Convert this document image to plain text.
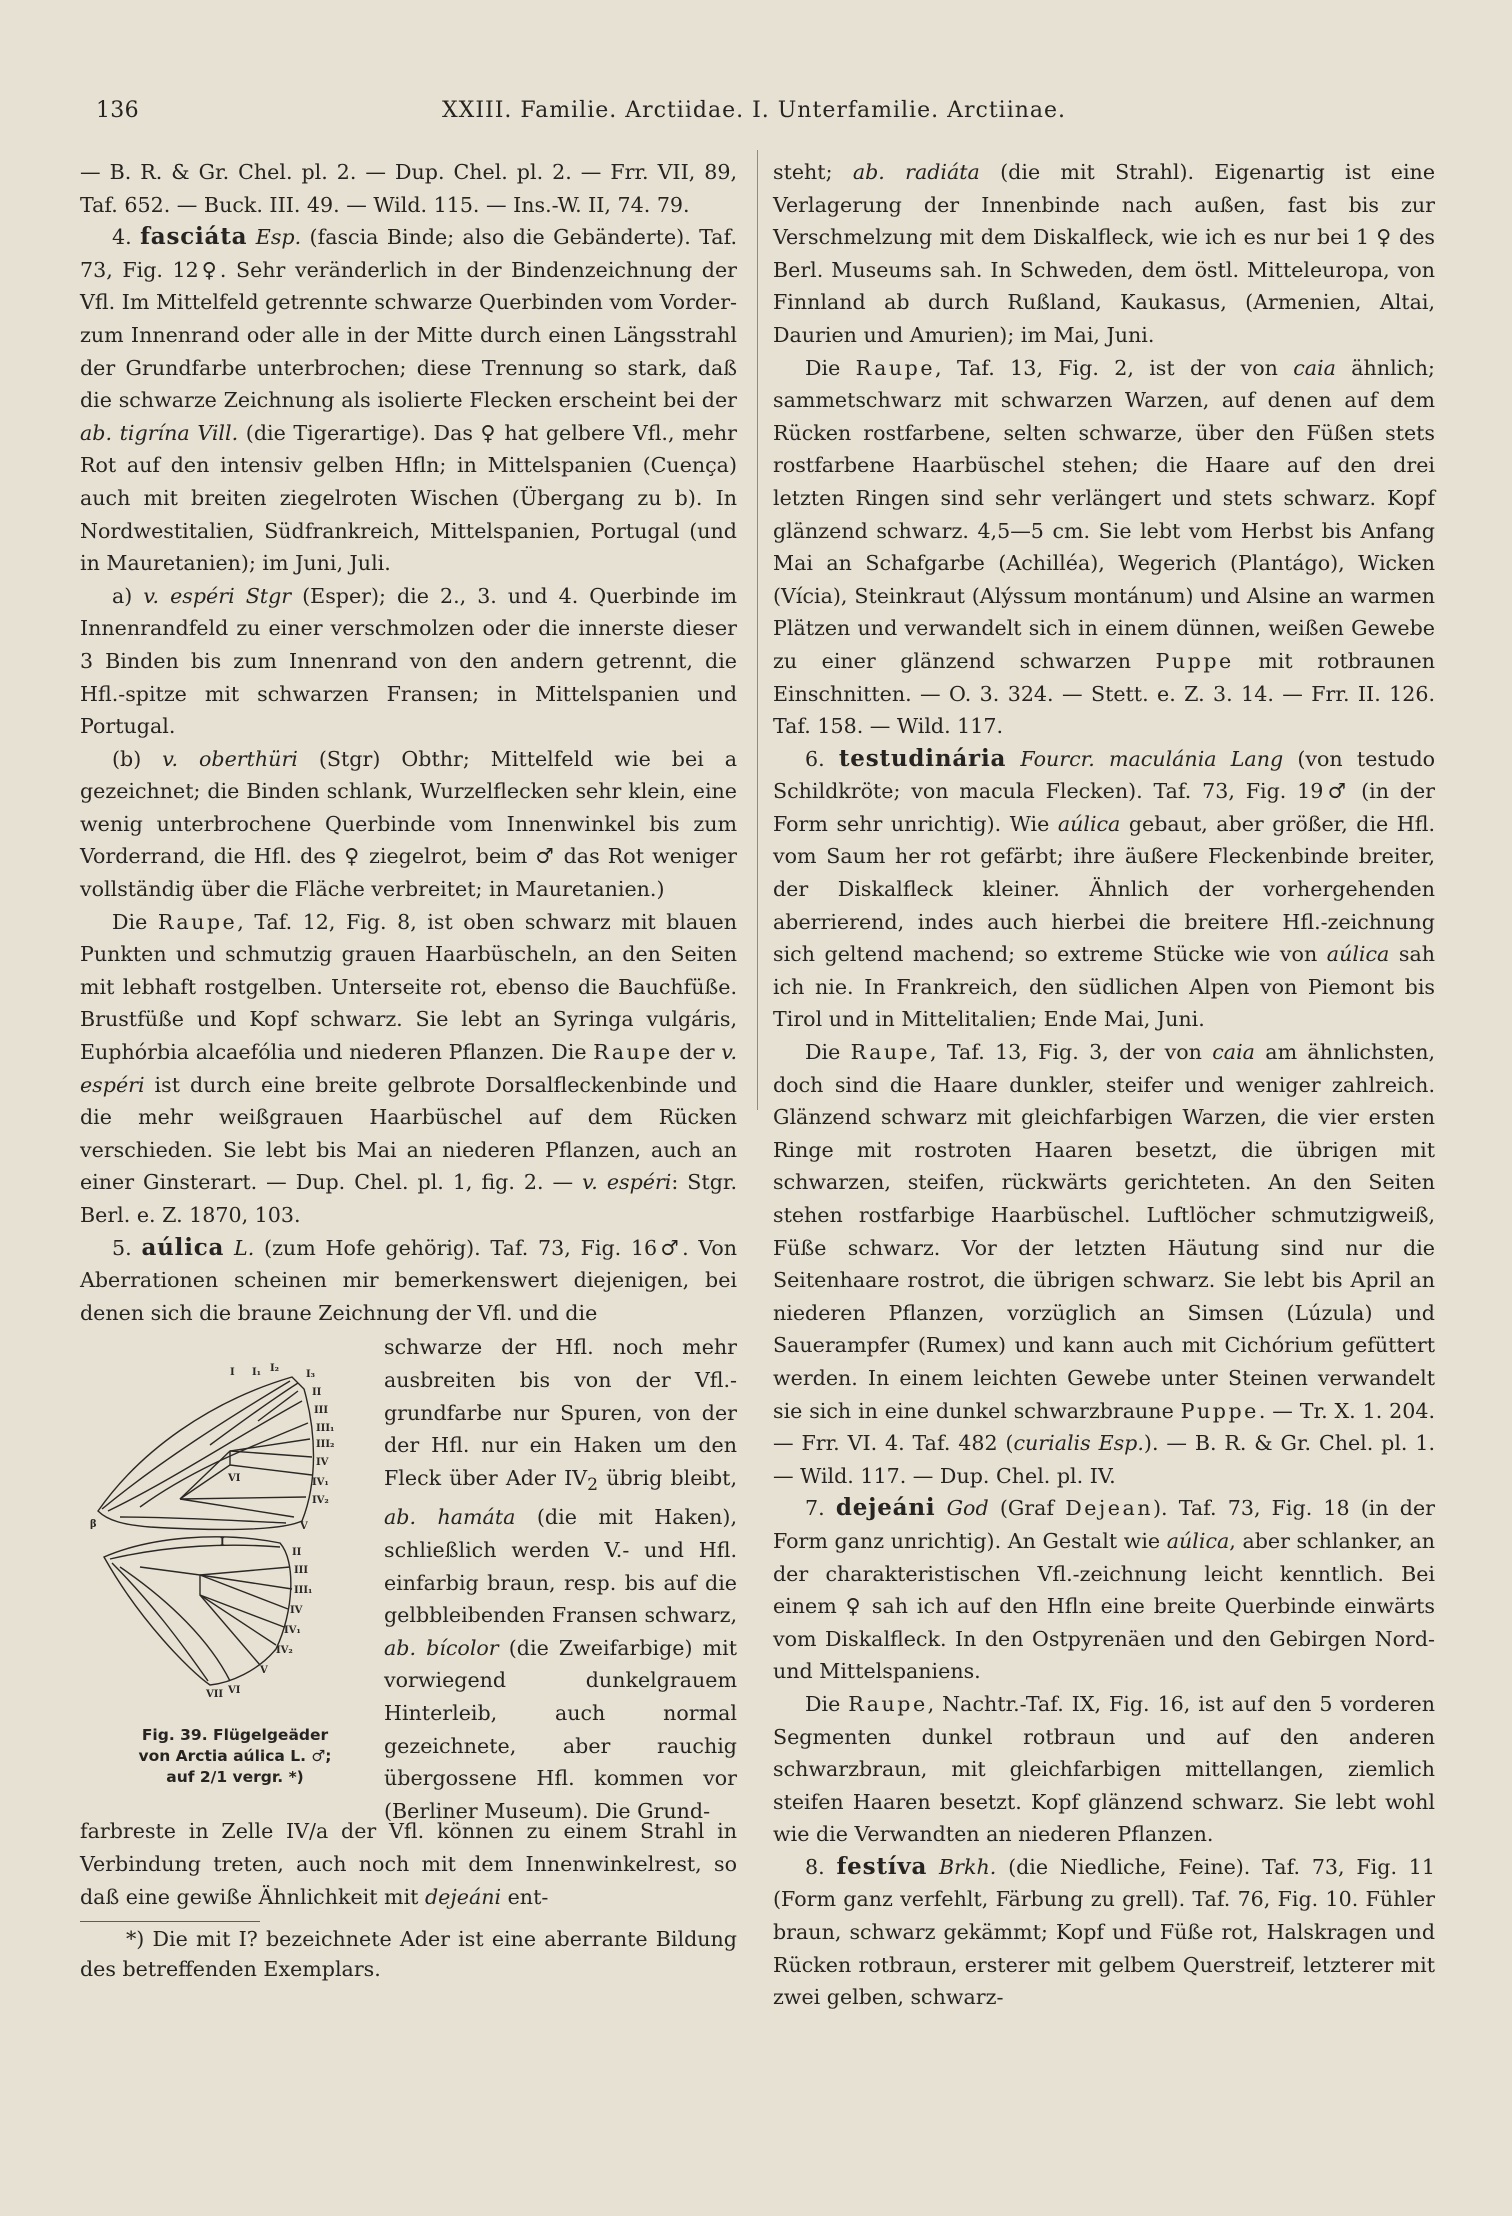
136	XXIII. Familie. Arctiidae. I. Unterfamilie. Arctiinae.

— B. R. & Gr. Chel. pl. 2. — Dup. Chel. pl. 2. — Frr. VII, 89, Taf. 652. — Buck. III. 49. — Wild. 115. — Ins.-W. II, 74. 79.

4. fasciáta Esp. (fascia Binde; also die Gebänderte). Taf. 73, Fig. 12♀. Sehr veränderlich in der Bindenzeichnung der Vfl. Im Mittelfeld getrennte schwarze Querbinden vom Vorder- zum Innenrand oder alle in der Mitte durch einen Längsstrahl der Grundfarbe unterbrochen; diese Trennung so stark, daß die schwarze Zeichnung als isolierte Flecken erscheint bei der ab. tigrína Vill. (die Tigerartige). Das ♀ hat gelbere Vfl., mehr Rot auf den intensiv gelben Hfln; in Mittelspanien (Cuença) auch mit breiten ziegelroten Wischen (Übergang zu b). In Nordwestitalien, Südfrankreich, Mittelspanien, Portugal (und in Mauretanien); im Juni, Juli.

a) v. espéri Stgr (Esper); die 2., 3. und 4. Querbinde im Innenrandfeld zu einer verschmolzen oder die innerste dieser 3 Binden bis zum Innenrand von den andern getrennt, die Hfl.-spitze mit schwarzen Fransen; in Mittelspanien und Portugal.

(b) v. oberthüri (Stgr) Obthr; Mittelfeld wie bei a gezeichnet; die Binden schlank, Wurzelflecken sehr klein, eine wenig unterbrochene Querbinde vom Innenwinkel bis zum Vorderrand, die Hfl. des ♀ ziegelrot, beim ♂ das Rot weniger vollständig über die Fläche verbreitet; in Mauretanien.)

Die Raupe, Taf. 12, Fig. 8, ist oben schwarz mit blauen Punkten und schmutzig grauen Haarbüscheln, an den Seiten mit lebhaft rostgelben. Unterseite rot, ebenso die Bauchfüße. Brustfüße und Kopf schwarz. Sie lebt an Syringa vulgáris, Euphórbia alcaefólia und niederen Pflanzen. Die Raupe der v. espéri ist durch eine breite gelbrote Dorsalfleckenbinde und die mehr weißgrauen Haarbüschel auf dem Rücken verschieden. Sie lebt bis Mai an niederen Pflanzen, auch an einer Ginsterart. — Dup. Chel. pl. 1, fig. 2. — v. espéri: Stgr. Berl. e. Z. 1870, 103.

5. aúlica L. (zum Hofe gehörig). Taf. 73, Fig. 16♂. Von Aberrationen scheinen mir bemerkenswert diejenigen, bei denen sich die braune Zeichnung der Vfl. und die

I I₁ I₂
I₃
II
III
III₁
III₂
IV
IV₁
IV₂
V
VI
β
I
II
III
III₁
IV
IV₁
IV₂
V
VI
VII
Fig. 39. Flügelgeäder
von Arctia aúlica L. ♂;
auf 2/1 vergr. *)

schwarze der Hfl. noch mehr ausbreiten bis von der Vfl.-grundfarbe nur Spuren, von der der Hfl. nur ein Haken um den Fleck über Ader $IV_2$ übrig bleibt, ab. hamáta (die mit Haken), schließlich werden V.- und Hfl. einfarbig braun, resp. bis auf die gelbbleibenden Fransen schwarz, ab. bícolor (die Zweifarbige) mit vorwiegend dunkelgrauem Hinterleib, auch normal gezeichnete, aber rauchig übergossene Hfl. kommen vor (Berliner Museum). Die Grund-

farbreste in Zelle IV/a der Vfl. können zu einem Strahl in Verbindung treten, auch noch mit dem Innenwinkelrest, so daß eine gewiße Ähnlichkeit mit dejeáni ent-

*) Die mit I? bezeichnete Ader ist eine aberrante Bildung des betreffenden Exemplars.

steht; ab. radiáta (die mit Strahl). Eigenartig ist eine Verlagerung der Innenbinde nach außen, fast bis zur Verschmelzung mit dem Diskalfleck, wie ich es nur bei 1 ♀ des Berl. Museums sah. In Schweden, dem östl. Mitteleuropa, von Finnland ab durch Rußland, Kaukasus, (Armenien, Altai, Daurien und Amurien); im Mai, Juni.

Die Raupe, Taf. 13, Fig. 2, ist der von caia ähnlich; sammetschwarz mit schwarzen Warzen, auf denen auf dem Rücken rostfarbene, selten schwarze, über den Füßen stets rostfarbene Haarbüschel stehen; die Haare auf den drei letzten Ringen sind sehr verlängert und stets schwarz. Kopf glänzend schwarz. 4,5—5 cm. Sie lebt vom Herbst bis Anfang Mai an Schafgarbe (Achilléa), Wegerich (Plantágo), Wicken (Vícia), Steinkraut (Alýssum montánum) und Alsine an warmen Plätzen und verwandelt sich in einem dünnen, weißen Gewebe zu einer glänzend schwarzen Puppe mit rotbraunen Einschnitten. — O. 3. 324. — Stett. e. Z. 3. 14. — Frr. II. 126. Taf. 158. — Wild. 117.

6. testudinária Fourcr. maculánia Lang (von testudo Schildkröte; von macula Flecken). Taf. 73, Fig. 19♂ (in der Form sehr unrichtig). Wie aúlica gebaut, aber größer, die Hfl. vom Saum her rot gefärbt; ihre äußere Fleckenbinde breiter, der Diskalfleck kleiner. Ähnlich der vorhergehenden aberrierend, indes auch hierbei die breitere Hfl.-zeichnung sich geltend machend; so extreme Stücke wie von aúlica sah ich nie. In Frankreich, den südlichen Alpen von Piemont bis Tirol und in Mittelitalien; Ende Mai, Juni.

Die Raupe, Taf. 13, Fig. 3, der von caia am ähnlichsten, doch sind die Haare dunkler, steifer und weniger zahlreich. Glänzend schwarz mit gleichfarbigen Warzen, die vier ersten Ringe mit rostroten Haaren besetzt, die übrigen mit schwarzen, steifen, rückwärts gerichteten. An den Seiten stehen rostfarbige Haarbüschel. Luftlöcher schmutzigweiß, Füße schwarz. Vor der letzten Häutung sind nur die Seitenhaare rostrot, die übrigen schwarz. Sie lebt bis April an niederen Pflanzen, vorzüglich an Simsen (Lúzula) und Sauerampfer (Rumex) und kann auch mit Cichórium gefüttert werden. In einem leichten Gewebe unter Steinen verwandelt sie sich in eine dunkel schwarzbraune Puppe. — Tr. X. 1. 204. — Frr. VI. 4. Taf. 482 (curialis Esp.). — B. R. & Gr. Chel. pl. 1. — Wild. 117. — Dup. Chel. pl. IV.

7. dejeáni God (Graf Dejean). Taf. 73, Fig. 18 (in der Form ganz unrichtig). An Gestalt wie aúlica, aber schlanker, an der charakteristischen Vfl.-zeichnung leicht kenntlich. Bei einem ♀ sah ich auf den Hfln eine breite Querbinde einwärts vom Diskalfleck. In den Ostpyrenäen und den Gebirgen Nord- und Mittelspaniens.

Die Raupe, Nachtr.-Taf. IX, Fig. 16, ist auf den 5 vorderen Segmenten dunkel rotbraun und auf den anderen schwarzbraun, mit gleichfarbigen mittellangen, ziemlich steifen Haaren besetzt. Kopf glänzend schwarz. Sie lebt wohl wie die Verwandten an niederen Pflanzen.

8. festíva Brkh. (die Niedliche, Feine). Taf. 73, Fig. 11 (Form ganz verfehlt, Färbung zu grell). Taf. 76, Fig. 10. Fühler braun, schwarz gekämmt; Kopf und Füße rot, Halskragen und Rücken rotbraun, ersterer mit gelbem Querstreif, letzterer mit zwei gelben, schwarz-
